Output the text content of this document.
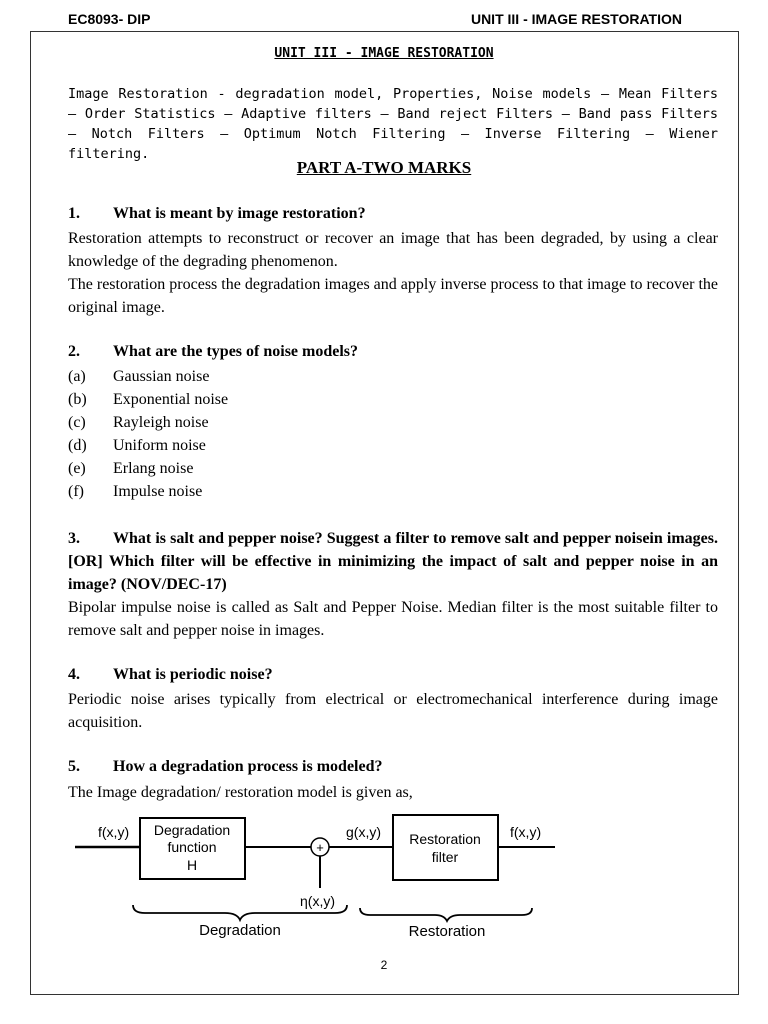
EC8093- DIP	UNIT III - IMAGE RESTORATION
UNIT III - IMAGE RESTORATION
Image Restoration - degradation model, Properties, Noise models – Mean Filters – Order Statistics – Adaptive filters – Band reject Filters – Band pass Filters – Notch Filters – Optimum Notch Filtering – Inverse Filtering – Wiener filtering.
PART A-TWO MARKS
1. What is meant by image restoration?

Restoration attempts to reconstruct or recover an image that has been degraded, by using a clear knowledge of the degrading phenomenon.

The restoration process the degradation images and apply inverse process to that image to recover the original image.

2. What are the types of noise models?
(a) Gaussian noise
(b) Exponential noise
(c) Rayleigh noise
(d) Uniform noise
(e) Erlang noise
(f) Impulse noise
3. What is salt and pepper noise? Suggest a filter to remove salt and pepper noisein images. [OR] Which filter will be effective in minimizing the impact of salt and pepper noise in an image? (NOV/DEC-17)

Bipolar impulse noise is called as Salt and Pepper Noise. Median filter is the most suitable filter to remove salt and pepper noise in images.

4. What is periodic noise?

Periodic noise arises typically from electrical or electromechanical interference during image acquisition.

5. How a degradation process is modeled?

The Image degradation/ restoration model is given as,

f(x,y) Degradation
function
H
+
η(x,y)
g(x,y) Restoration
filter
f(x,y)
Degradation	Restoration
2
